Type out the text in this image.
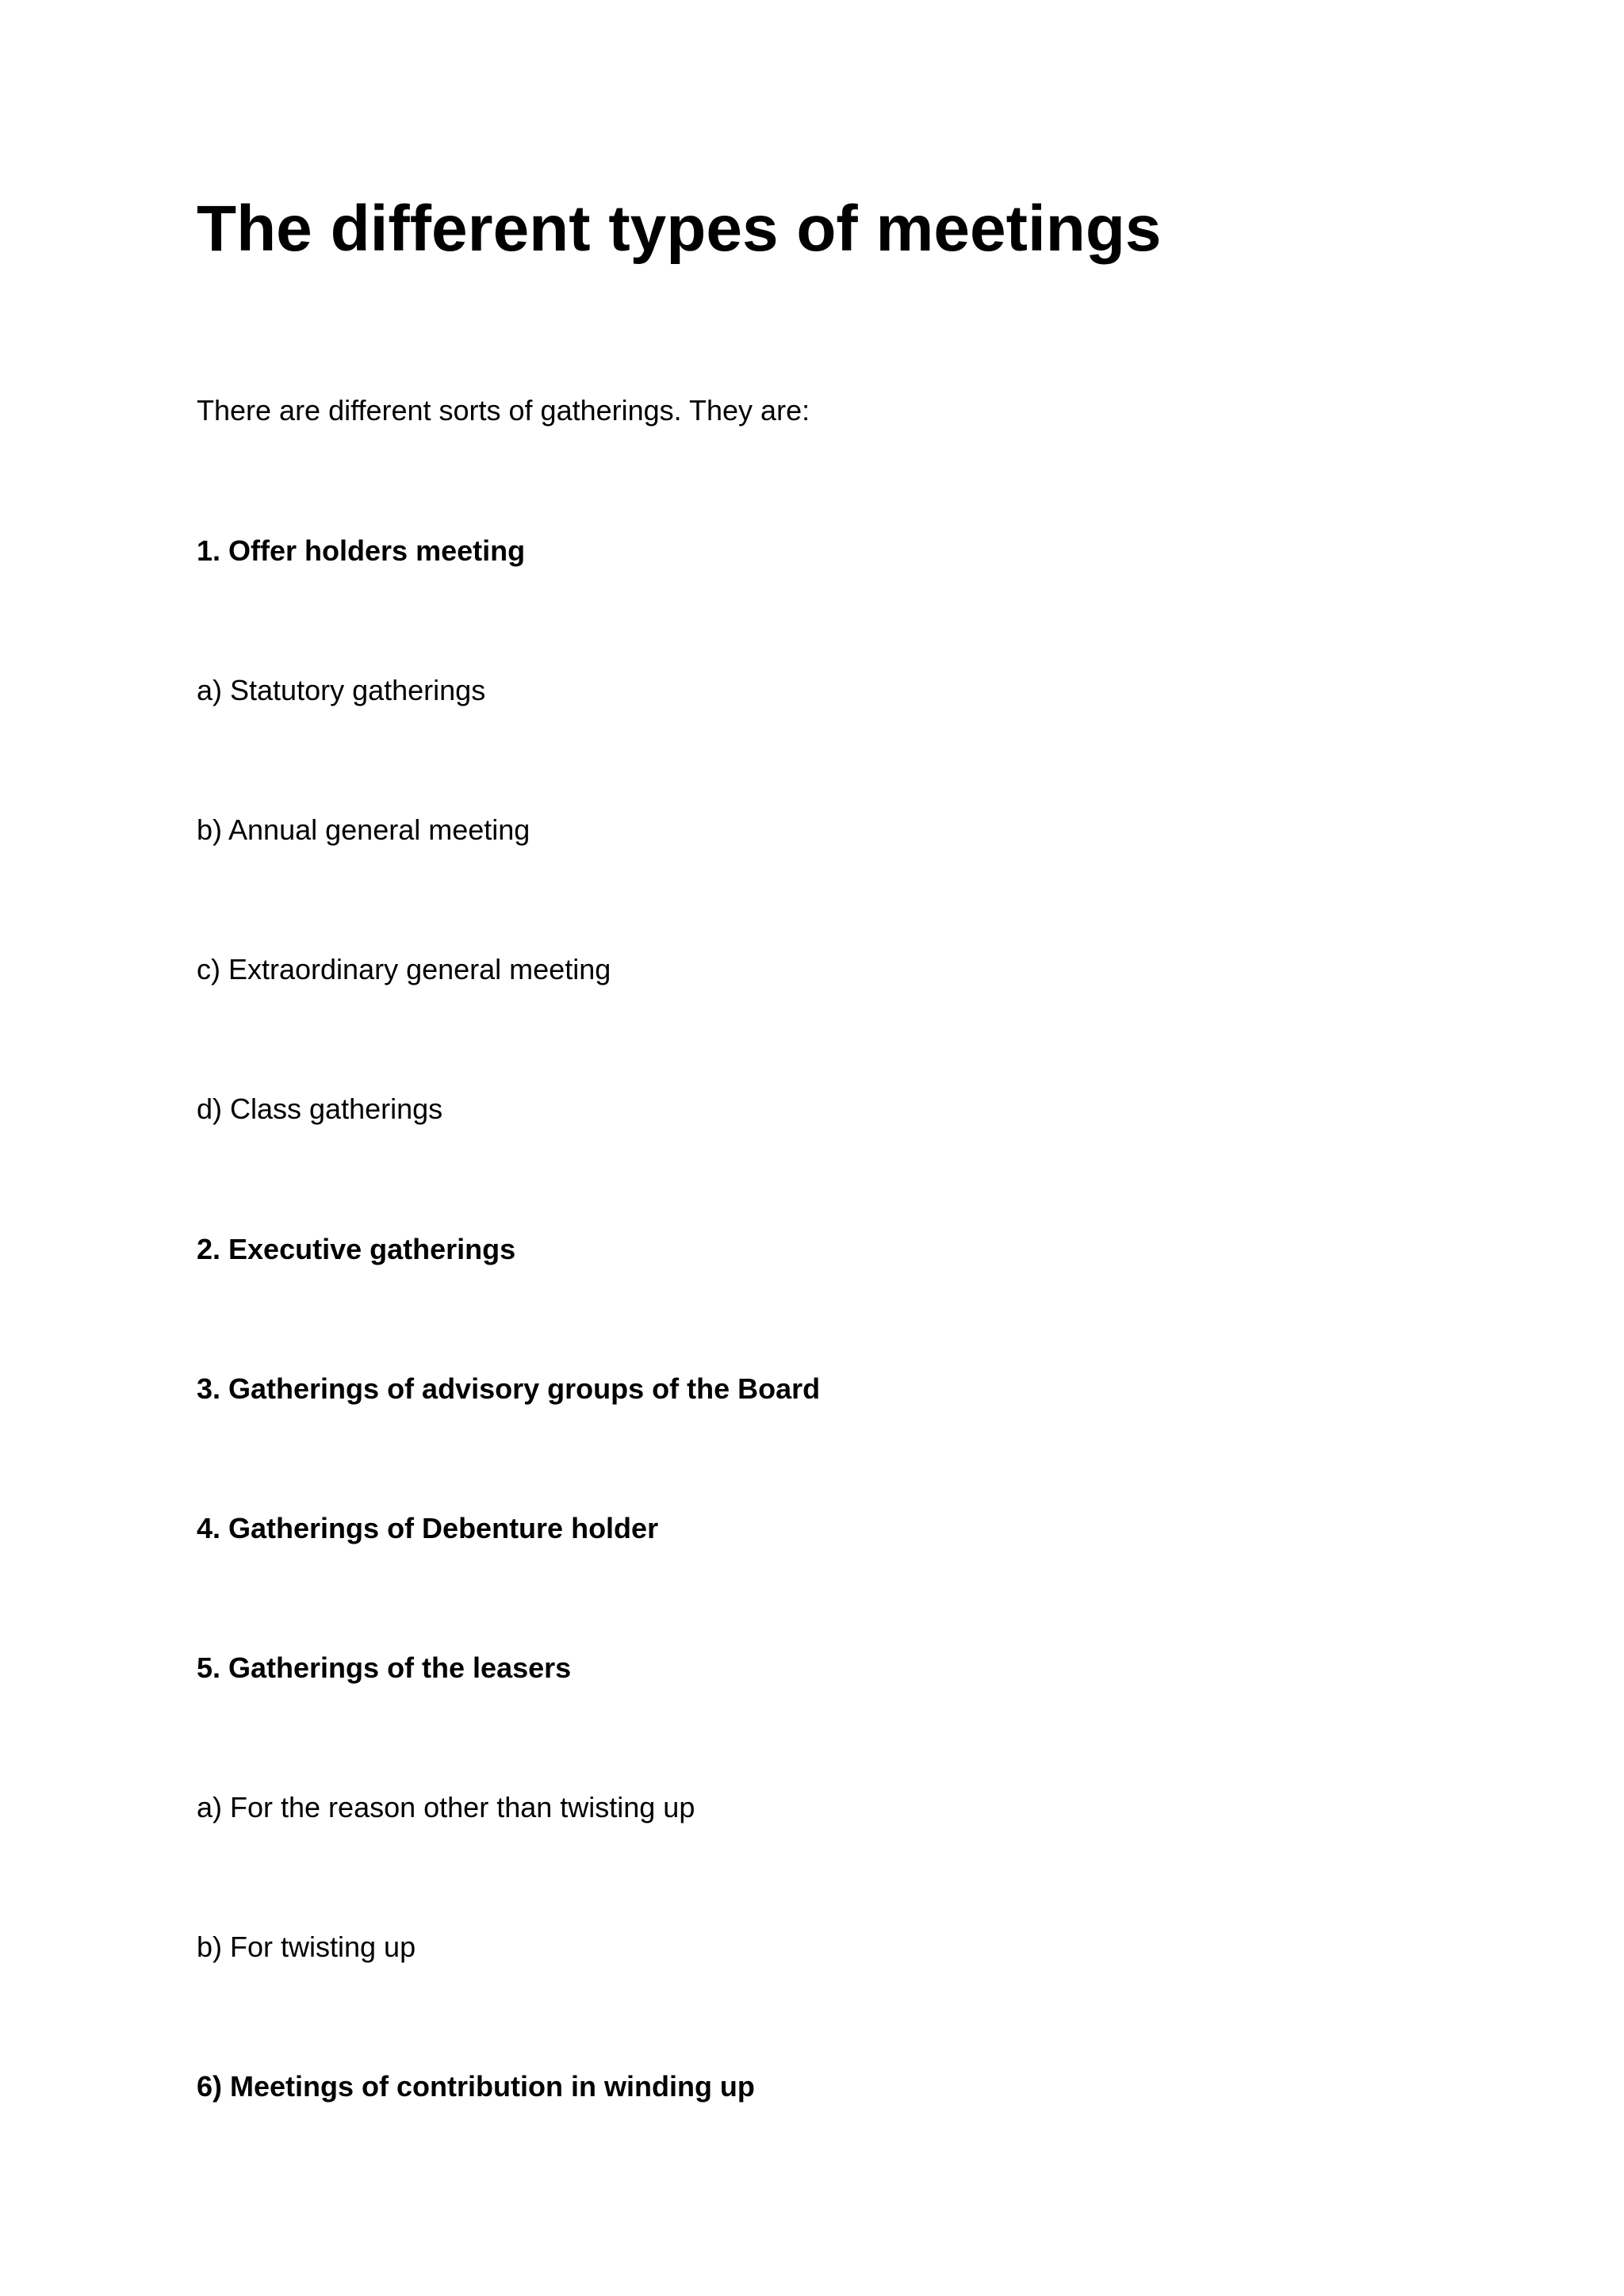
The different types of meetings

There are different sorts of gatherings. They are:

1. Offer holders meeting

a) Statutory gatherings

b) Annual general meeting

c) Extraordinary general meeting

d) Class gatherings

2. Executive gatherings

3. Gatherings of advisory groups of the Board

4. Gatherings of Debenture holder

5. Gatherings of the leasers

a) For the reason other than twisting up

b) For twisting up

6) Meetings of contribution in winding up
